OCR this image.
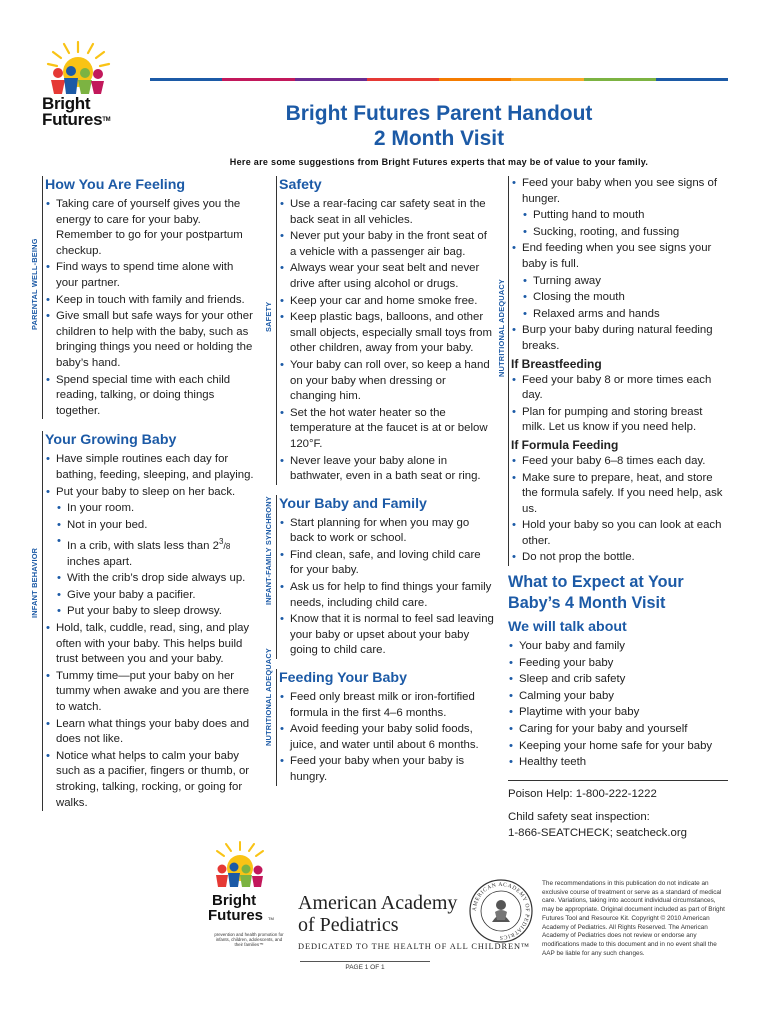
Bright
FuturesTM	Bright Futures Parent Handout
2 Month Visit
Here are some suggestions from Bright Futures experts that may be of value to your family.
PARENTAL WELL-BEING
INFANT BEHAVIOR
SAFETY
INFANT-FAMILY SYNCHRONY
NUTRITIONAL ADEQUACY
NUTRITIONAL ADEQUACY
How You Are Feeling
• Taking care of yourself gives you the energy to care for your baby. Remember to go for your postpartum checkup.
• Find ways to spend time alone with your partner.
• Keep in touch with family and friends.
• Give small but safe ways for your other children to help with the baby, such as bringing things you need or holding the baby’s hand.
• Spend special time with each child reading, talking, or doing things together.
Your Growing Baby
• Have simple routines each day for bathing, feeding, sleeping, and playing.
• Put your baby to sleep on her back.
• In your room.
• Not in your bed.
• In a crib, with slats less than $2^3/8$ inches apart.
• With the crib’s drop side always up.
• Give your baby a pacifier.
• Put your baby to sleep drowsy.
• Hold, talk, cuddle, read, sing, and play often with your baby. This helps build trust between you and your baby.
• Tummy time—put your baby on her tummy when awake and you are there to watch.
• Learn what things your baby does and does not like.
• Notice what helps to calm your baby such as a pacifier, fingers or thumb, or stroking, talking, rocking, or going for walks.
Safety
• Use a rear-facing car safety seat in the back seat in all vehicles.
• Never put your baby in the front seat of a vehicle with a passenger air bag.
• Always wear your seat belt and never drive after using alcohol or drugs.
• Keep your car and home smoke free.
• Keep plastic bags, balloons, and other small objects, especially small toys from other children, away from your baby.
• Your baby can roll over, so keep a hand on your baby when dressing or changing him.
• Set the hot water heater so the temperature at the faucet is at or below 120°F.
• Never leave your baby alone in bathwater, even in a bath seat or ring.
Your Baby and Family
• Start planning for when you may go back to work or school.
• Find clean, safe, and loving child care for your baby.
• Ask us for help to find things your family needs, including child care.
• Know that it is normal to feel sad leaving your baby or upset about your baby going to child care.
Feeding Your Baby
• Feed only breast milk or iron-fortified formula in the first 4–6 months.
• Avoid feeding your baby solid foods, juice, and water until about 6 months.
• Feed your baby when your baby is hungry.
• Feed your baby when you see signs of hunger.
• Putting hand to mouth
• Sucking, rooting, and fussing
• End feeding when you see signs your baby is full.
• Turning away
• Closing the mouth
• Relaxed arms and hands
• Burp your baby during natural feeding breaks.
If Breastfeeding
• Feed your baby 8 or more times each day.
• Plan for pumping and storing breast milk. Let us know if you need help.
If Formula Feeding
• Feed your baby 6–8 times each day.
• Make sure to prepare, heat, and store the formula safely. If you need help, ask us.
• Hold your baby so you can look at each other.
• Do not prop the bottle.
What to Expect at Your Baby’s 4 Month Visit
We will talk about
• Your baby and family
• Feeding your baby
• Sleep and crib safety
• Calming your baby
• Playtime with your baby
• Caring for your baby and yourself
• Keeping your home safe for your baby
• Healthy teeth

Poison Help: 1-800-222-1222

Child safety seat inspection:
1-866-SEATCHECK; seatcheck.org
Bright
Futures TM
prevention and health promotion for infants, children, adolescents, and their families™
American Academy
of Pediatrics
DEDICATED TO THE HEALTH OF ALL CHILDREN™
AMERICAN ACADEMY OF PEDIATRICS
The recommendations in this publication do not indicate an exclusive course of treatment or serve as a standard of medical care. Variations, taking into account individual circumstances, may be appropriate. Original document included as part of Bright Futures Tool and Resource Kit. Copyright © 2010 American Academy of Pediatrics. All Rights Reserved. The American Academy of Pediatrics does not review or endorse any modifications made to this document and in no event shall the AAP be liable for any such changes.
PAGE 1 OF 1
